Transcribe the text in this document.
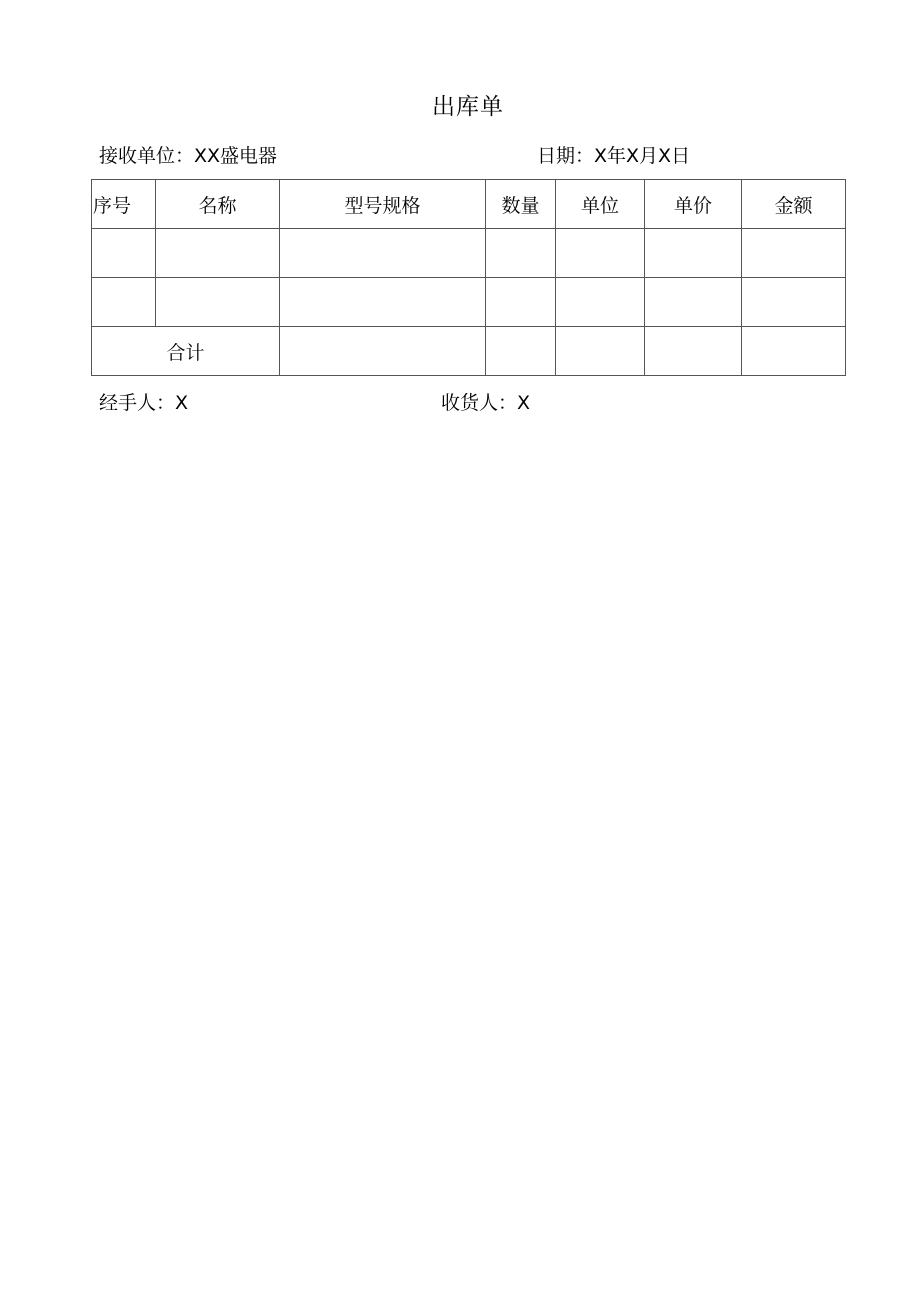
出库单
接收单位：XX盛电器	日期：X年X月X日
序号	名称	型号规格	数量	单位	单价	金额

合计						
经手人：X	收货人：X
